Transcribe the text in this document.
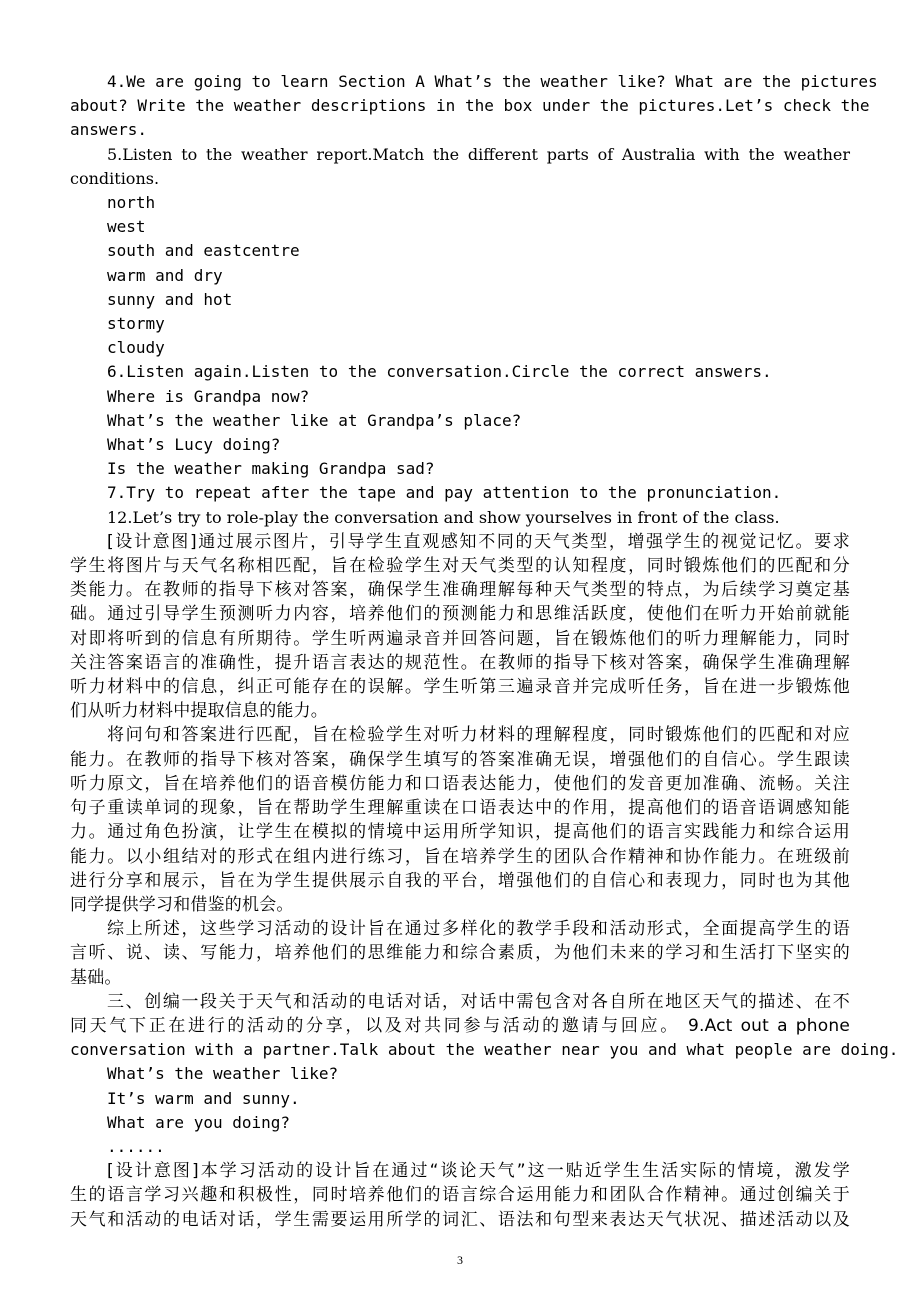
4.We are going to learn Section A What’s the weather like? What are the pictures
about? Write the weather descriptions in the box under the pictures.Let’s check the
answers.
5.Listen to the weather report.Match the different parts of Australia with the weather
conditions.
north
west
south and eastcentre
warm and dry
sunny and hot
stormy
cloudy
6.Listen again.Listen to the conversation.Circle the correct answers.
Where is Grandpa now?
What’s the weather like at Grandpa’s place?
What’s Lucy doing?
Is the weather making Grandpa sad?
7.Try to repeat after the tape and pay attention to the pronunciation.
12.Let’s try to role-play the conversation and show yourselves in front of the class.
[设计意图]通过展示图片，引导学生直观感知不同的天气类型，增强学生的视觉记忆。要求
学生将图片与天气名称相匹配，旨在检验学生对天气类型的认知程度，同时锻炼他们的匹配和分
类能力。在教师的指导下核对答案，确保学生准确理解每种天气类型的特点，为后续学习奠定基
础。通过引导学生预测听力内容，培养他们的预测能力和思维活跃度，使他们在听力开始前就能
对即将听到的信息有所期待。学生听两遍录音并回答问题，旨在锻炼他们的听力理解能力，同时
关注答案语言的准确性，提升语言表达的规范性。在教师的指导下核对答案，确保学生准确理解
听力材料中的信息，纠正可能存在的误解。学生听第三遍录音并完成听任务，旨在进一步锻炼他
们从听力材料中提取信息的能力。
将问句和答案进行匹配，旨在检验学生对听力材料的理解程度，同时锻炼他们的匹配和对应
能力。在教师的指导下核对答案，确保学生填写的答案准确无误，增强他们的自信心。学生跟读
听力原文，旨在培养他们的语音模仿能力和口语表达能力，使他们的发音更加准确、流畅。关注
句子重读单词的现象，旨在帮助学生理解重读在口语表达中的作用，提高他们的语音语调感知能
力。通过角色扮演，让学生在模拟的情境中运用所学知识，提高他们的语言实践能力和综合运用
能力。以小组结对的形式在组内进行练习，旨在培养学生的团队合作精神和协作能力。在班级前
进行分享和展示，旨在为学生提供展示自我的平台，增强他们的自信心和表现力，同时也为其他
同学提供学习和借鉴的机会。
综上所述，这些学习活动的设计旨在通过多样化的教学手段和活动形式，全面提高学生的语
言听、说、读、写能力，培养他们的思维能力和综合素质，为他们未来的学习和生活打下坚实的
基础。
三、创编一段关于天气和活动的电话对话，对话中需包含对各自所在地区天气的描述、在不
同天气下正在进行的活动的分享，以及对共同参与活动的邀请与回应。 9.Act out a phone
conversation with a partner.Talk about the weather near you and what people are doing.
What’s the weather like?
It’s warm and sunny.
What are you doing?
......
[设计意图]本学习活动的设计旨在通过“谈论天气”这一贴近学生生活实际的情境，激发学
生的语言学习兴趣和积极性，同时培养他们的语言综合运用能力和团队合作精神。通过创编关于
天气和活动的电话对话，学生需要运用所学的词汇、语法和句型来表达天气状况、描述活动以及
3
